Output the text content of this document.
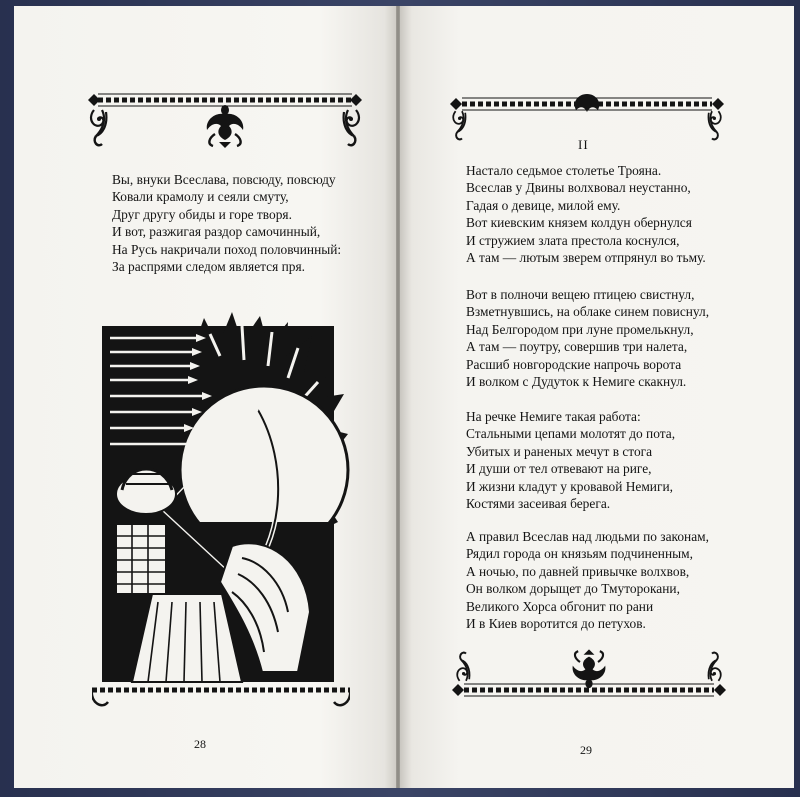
Вы, внуки Всеслава, повсюду, повсюду
Ковали крамолу и сеяли смуту,
Друг другу обиды и горе творя.
И вот, разжигая раздор самочинный,
На Русь накричали поход половчинный:
За распрями следом является пря.
28
II
Настало седьмое столетье Трояна.
Всеслав у Двины волхвовал неустанно,
Гадая о девице, милой ему.
Вот киевским князем колдун обернулся
И стружием злата престола коснулся,
А там — лютым зверем отпрянул во тьму.
Вот в полночи вещею птицею свистнул,
Взметнувшись, на облаке синем повиснул,
Над Белгородом при луне промелькнул,
А там — поутру, совершив три налета,
Расшиб новгородские напрочь ворота
И волком с Дудуток к Немиге скакнул.
На речке Немиге такая работа:
Стальными цепами молотят до пота,
Убитых и раненых мечут в стога
И души от тел отвевают на риге,
И жизни кладут у кровавой Немиги,
Костями засеивая берега.
А правил Всеслав над людьми по законам,
Рядил города он князьям подчиненным,
А ночью, по давней привычке волхвов,
Он волком дорыщет до Тмуторокани,
Великого Хорса обгонит по рани
И в Киев воротится до петухов.
29
